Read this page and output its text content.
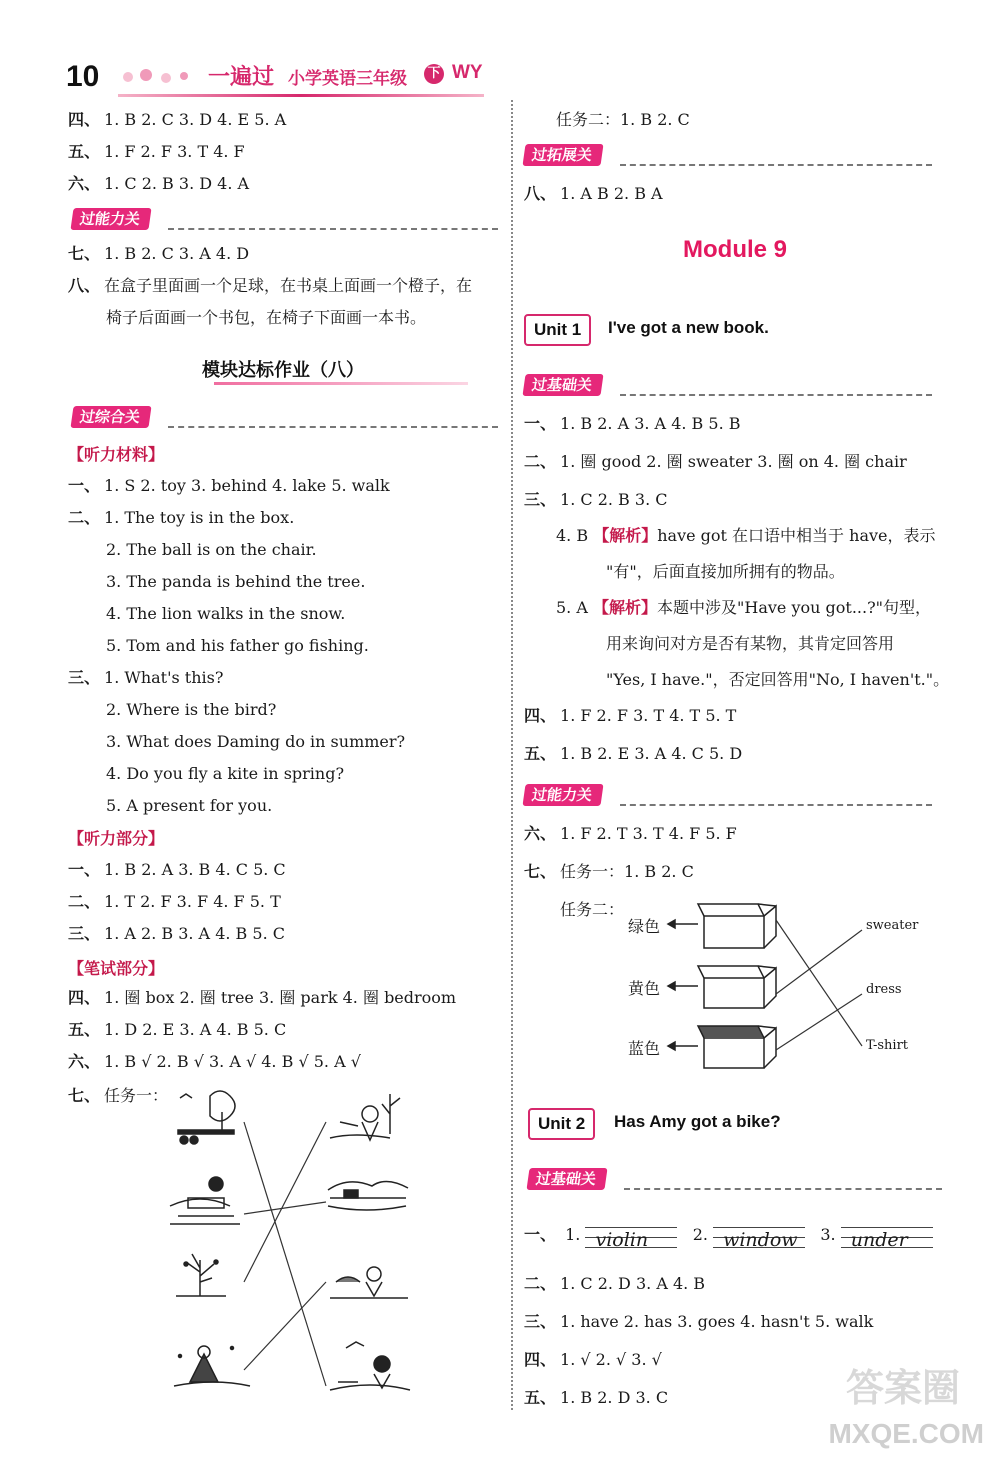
10	一遍过 小学英语三年级 下 WY
四、 1. B 2. C 3. D 4. E 5. A
五、 1. F 2. F 3. T 4. F
六、 1. C 2. B 3. D 4. A
过能力关
七、 1. B 2. C 3. A 4. D
八、 在盒子里面画一个足球，在书桌上面画一个橙子，在
椅子后面画一个书包，在椅子下面画一本书。
模块达标作业（八）
过综合关
【听力材料】
一、 1. S 2. toy 3. behind 4. lake 5. walk
二、 1. The toy is in the box.
2. The ball is on the chair.
3. The panda is behind the tree.
4. The lion walks in the snow.
5. Tom and his father go fishing.
三、 1. What's this?
2. Where is the bird?
3. What does Daming do in summer?
4. Do you fly a kite in spring?
5. A present for you.
【听力部分】
一、 1. B 2. A 3. B 4. C 5. C
二、 1. T 2. F 3. F 4. F 5. T
三、 1. A 2. B 3. A 4. B 5. C
【笔试部分】
四、 1. 圈 box 2. 圈 tree 3. 圈 park 4. 圈 bedroom
五、 1. D 2. E 3. A 4. B 5. C
六、 1. B √ 2. B √ 3. A √ 4. B √ 5. A √
七、 任务一：
任务二：1. B 2. C
过拓展关
八、 1. A B 2. B A
Module 9
Unit 1	I've got a new book.
过基础关
一、 1. B 2. A 3. A 4. B 5. B
二、 1. 圈 good 2. 圈 sweater 3. 圈 on 4. 圈 chair
三、 1. C 2. B 3. C
4. B 【解析】have got 在口语中相当于 have，表示
"有"，后面直接加所拥有的物品。
5. A 【解析】本题中涉及"Have you got...?"句型，
用来询问对方是否有某物，其肯定回答用
"Yes, I have."，否定回答用"No, I haven't."。
四、 1. F 2. F 3. T 4. T 5. T
五、 1. B 2. E 3. A 4. C 5. D
过能力关
六、 1. F 2. T 3. T 4. F 5. F
七、 任务一：1. B 2. C
任务二：
绿色
黄色
蓝色
sweater
dress
T-shirt
Unit 2	Has Amy got a bike?
过基础关
一、 1. violin	2. window 3. under
二、 1. C 2. D 3. A 4. B
三、 1. have 2. has 3. goes 4. hasn't 5. walk
四、 1. √ 2. √ 3. √
五、 1. B 2. D 3. C	答案圈
MXQE.COM
